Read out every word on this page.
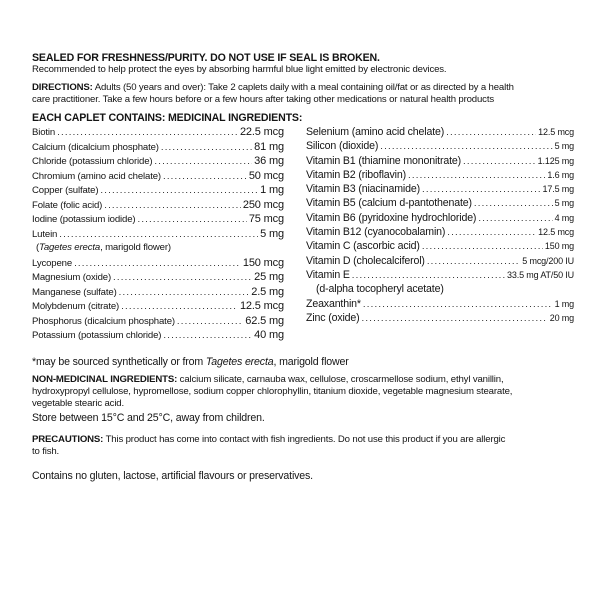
SEALED FOR FRESHNESS/PURITY. DO NOT USE IF SEAL IS BROKEN.

Recommended to help protect the eyes by absorbing harmful blue light emitted by electronic devices.

DIRECTIONS: Adults (50 years and over): Take 2 caplets daily with a meal containing oil/fat or as directed by a health

care practitioner. Take a few hours before or a few hours after taking other medications or natural health products

EACH CAPLET CONTAINS: MEDICINAL INGREDIENTS:

Biotin .....	22.5 mcg
Calcium (dicalcium phosphate) .....	81 mg
Chloride (potassium chloride) .....	36 mg
Chromium (amino acid chelate) .....	50 mcg
Copper (sulfate) .....	1 mg
Folate (folic acid) .....	250 mcg
Iodine (potassium iodide) .....	75 mcg
Lutein .....	5 mg
(Tagetes erecta, marigold flower)
Lycopene .....	150 mcg
Magnesium (oxide) .....	25 mg
Manganese (sulfate) .....	2.5 mg
Molybdenum (citrate) .....	12.5 mcg
Phosphorus (dicalcium phosphate) .....	62.5 mg
Potassium (potassium chloride) .....	40 mg
Selenium (amino acid chelate) .....	12.5 mcg
Silicon (dioxide) .....	5 mg
Vitamin B1 (thiamine mononitrate) .....	1.125 mg
Vitamin B2 (riboflavin) .....	1.6 mg
Vitamin B3 (niacinamide) .....	17.5 mg
Vitamin B5 (calcium d-pantothenate) .....	5 mg
Vitamin B6 (pyridoxine hydrochloride) .....	4 mg
Vitamin B12 (cyanocobalamin) .....	12.5 mcg
Vitamin C (ascorbic acid) .....	150 mg
Vitamin D (cholecalciferol) .....	5 mcg/200 IU
Vitamin E .....	33.5 mg AT/50 IU
(d-alpha tocopheryl acetate)
Zeaxanthin* .....	1 mg
Zinc (oxide) .....	20 mg

*may be sourced synthetically or from Tagetes erecta, marigold flower

NON-MEDICINAL INGREDIENTS: calcium silicate, carnauba wax, cellulose, croscarmellose sodium, ethyl vanillin,

hydroxypropyl cellulose, hypromellose, sodium copper chlorophyllin, titanium dioxide, vegetable magnesium stearate,

vegetable stearic acid.

Store between 15°C and 25°C, away from children.

PRECAUTIONS: This product has come into contact with fish ingredients. Do not use this product if you are allergic

to fish.

Contains no gluten, lactose, artificial flavours or preservatives.
